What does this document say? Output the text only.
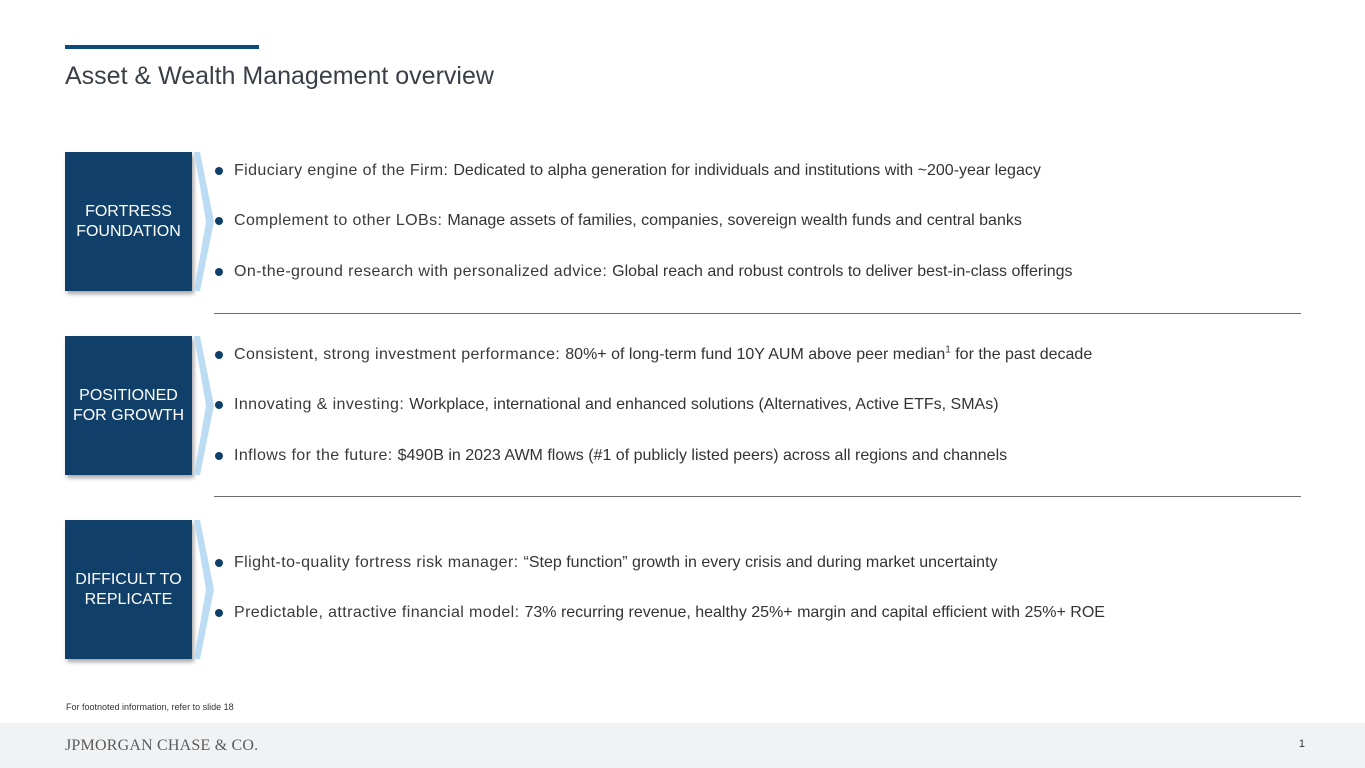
Asset & Wealth Management overview
FORTRESS FOUNDATION
Fiduciary engine of the Firm: Dedicated to alpha generation for individuals and institutions with ~200-year legacy
Complement to other LOBs: Manage assets of families, companies, sovereign wealth funds and central banks
On-the-ground research with personalized advice: Global reach and robust controls to deliver best-in-class offerings
POSITIONED FOR GROWTH
Consistent, strong investment performance: 80%+ of long-term fund 10Y AUM above peer median$^1$ for the past decade
Innovating & investing: Workplace, international and enhanced solutions (Alternatives, Active ETFs, SMAs)
Inflows for the future: $490B in 2023 AWM flows (#1 of publicly listed peers) across all regions and channels
DIFFICULT TO REPLICATE
Flight-to-quality fortress risk manager: “Step function” growth in every crisis and during market uncertainty
Predictable, attractive financial model: 73% recurring revenue, healthy 25%+ margin and capital efficient with 25%+ ROE
For footnoted information, refer to slide 18
JPMORGAN CHASE & CO.	1
